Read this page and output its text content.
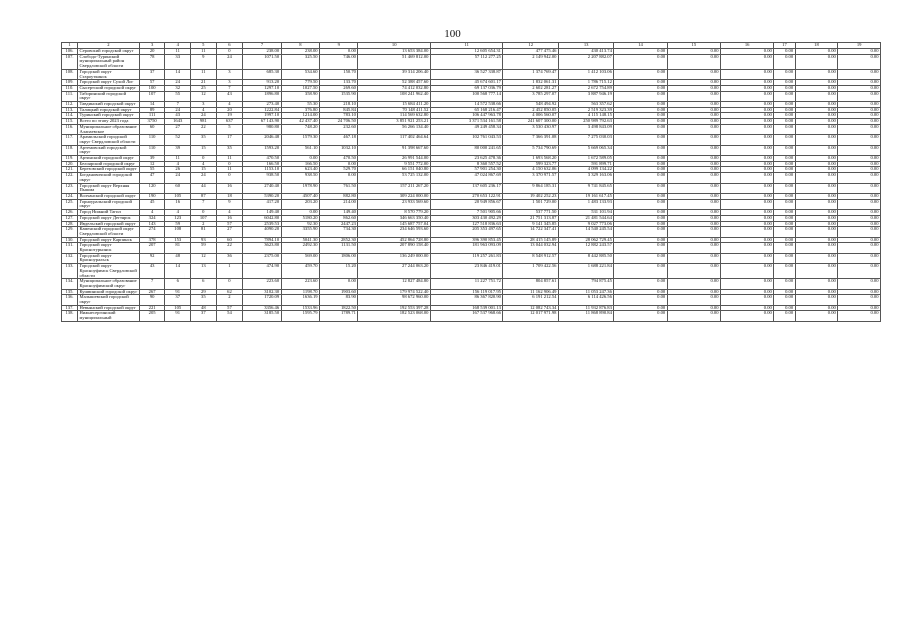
100
1	2	3	4	5	6	7	8	9	10	11	12	13	14	15	16	17	18	19
106.	Серовский городской округ	20	11	11	0	238.00	238.00	0.00	13 653 384.00	12 605 654.31	477 475.46	430 413.74	0.00	0.00	0.00	0.00	0.00	0.00
107.	Слободо-Туринский муниципальный район Свердловской области	78	33	9	24	1071.50	325.50	746.00	51 469 812.00	57 112 277.25	2 149 942.00	2 207 882.07	0.00	0.00	0.00	0.00	0.00	0.00
108.	Городской округ Староуткинск	37	14	11	3	685.30	534.60	150.70	39 314 206.40	36 527 338.87	1 374 769.47	1 412 103.06	0.00	0.00	0.00	0.00	0.00	0.00
109.	Городской округ Сухой Лог	57	24	21	3	913.20	779.50	133.70	52 388 457.60	45 674 601.17	1 832 061.31	1 786 715.12	0.00	0.00	0.00	0.00	0.00	0.00
110.	Сысертский городской округ	100	32	25	7	1297.10	1027.50	269.60	74 412 032.80	69 137 036.79	2 602 281.27	2 672 754.89	0.00	0.00	0.00	0.00	0.00	0.00
111.	Таборинский городской округ	107	55	12	43	1896.80	358.90	1535.90	108 241 962.40	100 568 777.14	3 785 297.07	3 887 946.19	0.00	0.00	0.00	0.00	0.00	0.00
112.	Тавдинский городской округ	14	7	3	4	273.40	55.30	218.10	15 684 411.20	14 572 538.66	548 494.92	563 357.62	0.00	0.00	0.00	0.00	0.00	0.00
113.	Талицкий городской округ	89	24	4	20	1222.84	376.80	845.84	70 148 411.52	65 168 216.47	2 452 850.05	2 519 323.39	0.00	0.00	0.00	0.00	0.00	0.00
114.	Туринский городской округ	111	43	24	19	1997.10	1214.00	783.10	114 569 632.80	106 447 963.78	4 006 560.07	4 115 148.15	0.00	0.00	0.00	0.00	0.00	0.00
115.	Всего по этапу 2023 года	3750	1643	981	637	67 143.90	42 437.40	24 706.50	3 851 921 253.21	3 371 534 161.58	241 607 300.00	250 989 792.63	0.00	0.00	0.00	0.00	0.00	0.00
116.	Муниципальное образование Алапаевское	60	27	22	5	980.80	748.20	232.60	56 266 134.40	49 249 458.34	3 530 430.97	3 498 843.09	0.00	0.00	0.00	0.00	0.00	0.00
117.	Арамильский городской округ Свердловской области	110	52	35	17	2046.48	1579.30	467.18	117 402 464.64	102 761 043.53	7 366 391.08	7 275 030.03	0.00	0.00	0.00	0.00	0.00	0.00
118.	Артемовский городской округ	110	39	15	35	1593.20	561.10	1032.10	91 398 667.60	80 000 241.65	5 734 790.69	5 669 065.34	0.00	0.00	0.00	0.00	0.00	0.00
119.	Артинский городской округ	39	11	0	11	470.50	0.00	470.50	26 991 544.00	23 625 478.36	1 693 568.20	1 672 589.05	0.00	0.00	0.00	0.00	0.00	0.00
120.	Белоярский городской округ	12	4	4	0	166.50	166.50	0.00	9 551 772.00	8 360 557.52	599 323.77	591 899.71	0.00	0.00	0.00	0.00	0.00	0.00
121.	Березовский городской округ	55	26	15	11	1153.10	623.40	529.70	66 151 040.80	57 901 254.30	4 150 632.06	4 099 134.22	0.00	0.00	0.00	0.00	0.00	0.00
122.	Богдановичский городской округ	47	24	24	0	938.50	938.50	0.00	53 725 132.00	47 024 867.69	3 370 971.57	3 329 163.06	0.00	0.00	0.00	0.00	0.00	0.00
123.	Городской округ Верхняя Пышма	120	60	44	16	2740.40	1978.90	761.50	157 211 267.20	137 605 236.17	9 864 185.31	9 741 845.65	0.00	0.00	0.00	0.00	0.00	0.00
124.	Волчанский городской округ	190	105	87	18	5390.20	4507.40	882.80	309 224 000.00	270 653 122.91	19 402 252.23	19 161 617.45	0.00	0.00	0.00	0.00	0.00	0.00
125.	Горноуральский городской округ	45	16	7	9	417.20	203.20	214.00	23 933 569.60	20 949 856.67	1 501 729.00	1 483 133.93	0.00	0.00	0.00	0.00	0.00	0.00
126.	Город Нижний Тагил	4	4	0	4	149.40	0.00	149.40	8 570 779.20	7 501 905.66	537 771.50	531 101.94	0.00	0.00	0.00	0.00	0.00	0.00
127.	Городской округ Дегтярск	324	123	107	16	6042.80	5180.20	862.60	346 663 350.40	303 430 492.29	21 751 313.87	21 481 544.64	0.00	0.00	0.00	0.00	0.00	0.00
128.	Ивдельский городской округ	143	59	2	57	2539.53	92.30	2447.23	145 687 757.04	127 518 836.63	9 141 345.85	9 027 773.06	0.00	0.00	0.00	0.00	0.00	0.00
129.	Каменский городской округ Свердловской области	274	108	81	27	4090.20	3355.90	734.30	234 646 593.60	205 353 497.65	14 722 347.41	14 540 245.54	0.00	0.00	0.00	0.00	0.00	0.00
130.	Городской округ Карпинск	378	153	93	60	7894.10	5041.30	2852.30	452 864 728.80	396 390 853.45	28 415 145.89	28 062 729.45	0.00	0.00	0.00	0.00	0.00	0.00
131.	Городской округ Краснотурьинск	207	81	59	22	3623.80	2492.30	1131.50	207 890 158.40	181 963 093.09	13 044 032.94	12 882 243.57	0.00	0.00	0.00	0.00	0.00	0.00
132.	Городской округ Красноуральск	92	48	12	36	2375.00	569.00	1806.00	136 249 000.00	119 257 261.83	8 548 912.57	8 442 885.50	0.00	0.00	0.00	0.00	0.00	0.00
133.	Городской округ Красноуфимск Свердловской области	43	14	13	1	474.90	459.70	15.20	27 244 063.20	23 846 419.01	1 709 422.56	1 688 221.84	0.00	0.00	0.00	0.00	0.00	0.00
134.	Муниципальное образование Красноуфимский округ	7	6	6	0	223.60	223.60	0.00	12 827 484.80	11 227 751.72	804 857.61	794 875.45	0.00	0.00	0.00	0.00	0.00	0.00
135.	Кушвинский городской округ	267	91	29	62	3102.30	1198.70	1903.60	179 974 522.40	156 119 017.95	11 162 906.49	11 053 247.36	0.00	0.00	0.00	0.00	0.00	0.00
136.	Малышевский городской округ	90	37	35	2	1720.09	1636.19	83.90	98 672 960.00	86 367 820.90	6 191 212.54	6 114 426.56	0.00	0.00	0.00	0.00	0.00	0.00
137.	Невьянский городской округ	221	105	48	57	3356.46	1533.96	1822.50	192 553 397.28	168 539 001.13	12 082 743.34	11 932 876.83	0.00	0.00	0.00	0.00	0.00	0.00
138.	Нижнесергинский муниципальный	205	91	37	54	3185.50	1595.79	1789.71	182 523 068.00	167 537 968.66	12 017 971.98	11 868 890.84	0.00	0.00	0.00	0.00	0.00	0.00
